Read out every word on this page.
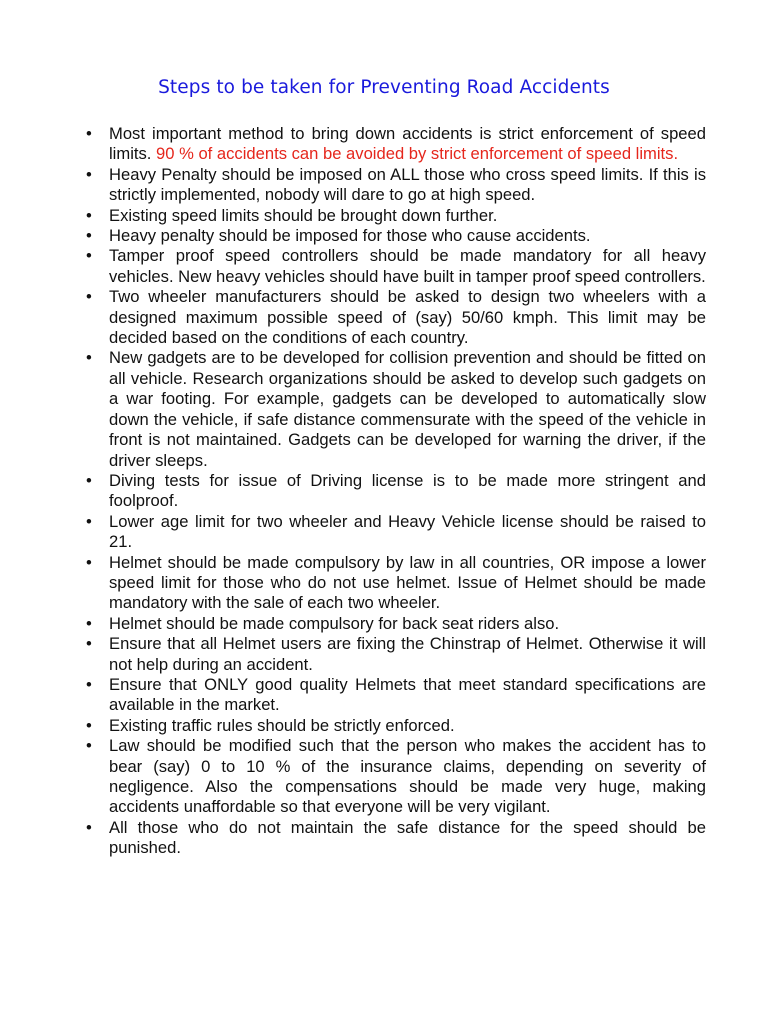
Steps to be taken for Preventing Road Accidents
•	Most important method to bring down accidents is strict enforcement of speed limits. 90 % of accidents can be avoided by strict enforcement of speed limits.
•	Heavy Penalty should be imposed on ALL those who cross speed limits. If this is strictly implemented, nobody will dare to go at high speed.
•	Existing speed limits should be brought down further.
•	Heavy penalty should be imposed for those who cause accidents.
•	Tamper proof speed controllers should be made mandatory for all heavy vehicles. New heavy vehicles should have built in tamper proof speed controllers.
•	Two wheeler manufacturers should be asked to design two wheelers with a designed maximum possible speed of (say) 50/60 kmph. This limit may be decided based on the conditions of each country.
•	New gadgets are to be developed for collision prevention and should be fitted on all vehicle. Research organizations should be asked to develop such gadgets on a war footing. For example, gadgets can be developed to automatically slow down the vehicle, if safe distance commensurate with the speed of the vehicle in front is not maintained. Gadgets can be developed for warning the driver, if the driver sleeps.
•	Diving tests for issue of Driving license is to be made more stringent and foolproof.
•	Lower age limit for two wheeler and Heavy Vehicle license should be raised to 21.
•	Helmet should be made compulsory by law in all countries, OR impose a lower speed limit for those who do not use helmet. Issue of Helmet should be made mandatory with the sale of each two wheeler.
•	Helmet should be made compulsory for back seat riders also.
•	Ensure that all Helmet users are fixing the Chinstrap of Helmet. Otherwise it will not help during an accident.
•	Ensure that ONLY good quality Helmets that meet standard specifications are available in the market.
•	Existing traffic rules should be strictly enforced.
•	Law should be modified such that the person who makes the accident has to bear (say) 0 to 10 % of the insurance claims, depending on severity of negligence. Also the compensations should be made very huge, making accidents unaffordable so that everyone will be very vigilant.
•	All those who do not maintain the safe distance for the speed should be punished.
